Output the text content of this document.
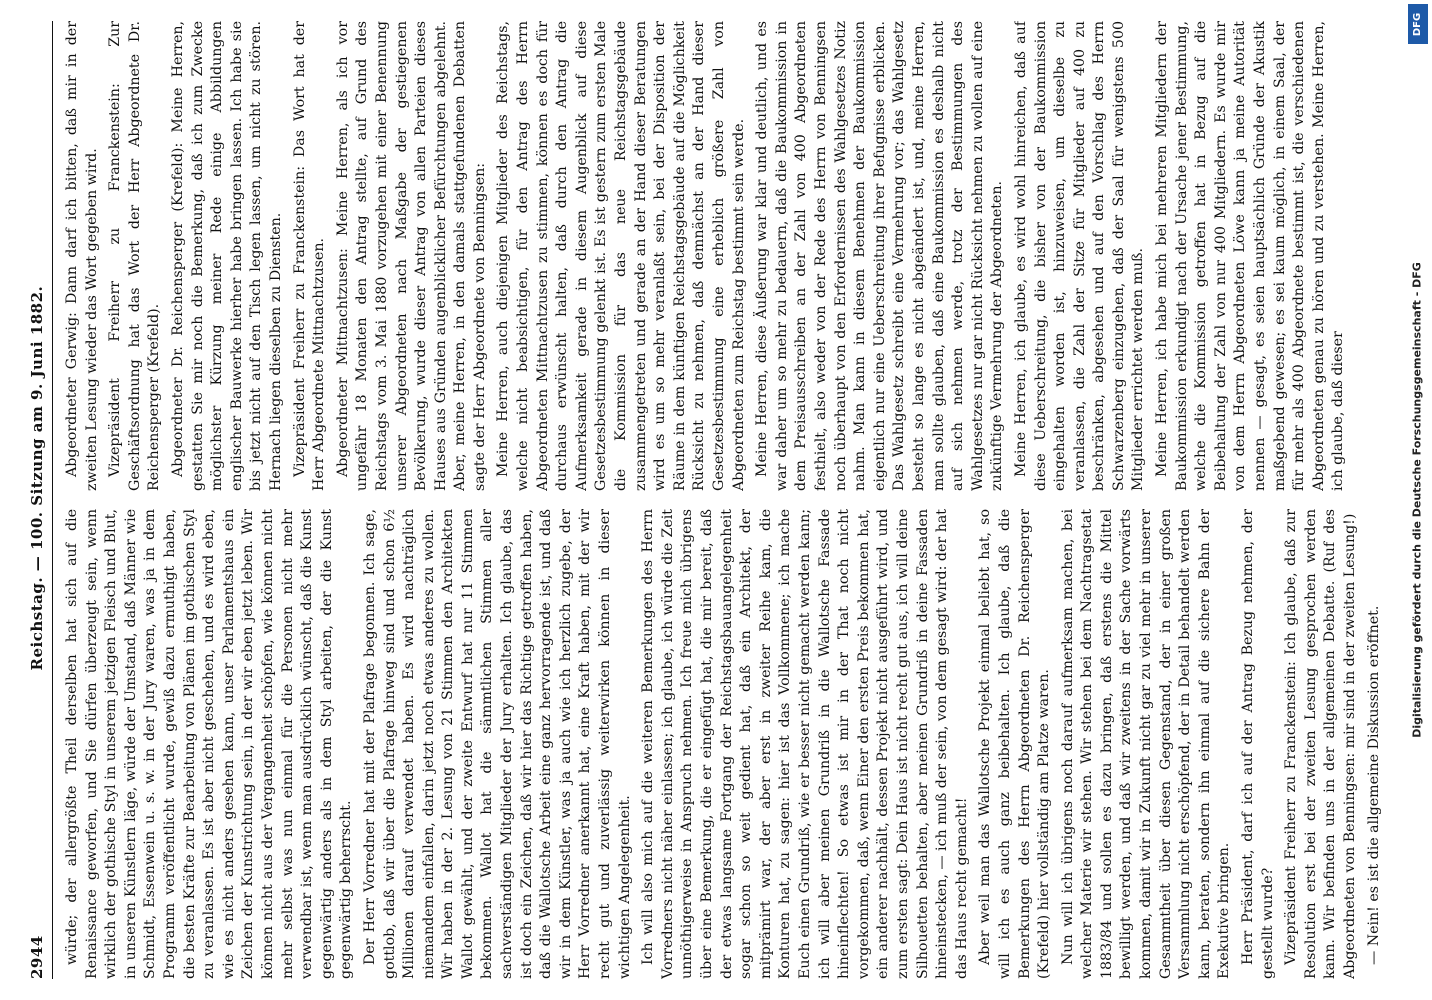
2944
Reichstag. — 100. Sitzung am 9. Juni 1882.

würde; der allergrößte Theil derselben hat sich auf die Renaissance geworfen, und Sie dürfen überzeugt sein, wenn wirklich der gothische Styl in unserem jetzigen Fleisch und Blut, in unseren Künstlern läge, würde der Umstand, daß Männer wie Schmidt, Essenwein u. s. w. in der Jury waren, was ja in dem Programm veröffentlicht wurde, gewiß dazu ermuthigt haben, die besten Kräfte zur Bearbeitung von Plänen im gothischen Styl zu veranlassen. Es ist aber nicht geschehen, und es wird eben, wie es nicht anders gesehen kann, unser Parlamentshaus ein Zeichen der Kunstrichtung sein, in der wir eben jetzt leben. Wir können nicht aus der Vergangenheit schöpfen, wie können nicht mehr selbst was nun einmal für die Personen nicht mehr verwendbar ist, wenn man ausdrücklich wünscht, daß die Kunst gegenwärtig anders als in dem Styl arbeiten, der die Kunst gegenwärtig beherrscht. Der Herr Vorredner hat mit der Plafrage begonnen. Ich sage, gottlob, daß wir über die Plafrage hinweg sind und schon 6½ Millionen darauf verwendet haben. Es wird nachträglich niemandem einfallen, darin jetzt noch etwas anderes zu wollen. Wir haben in der 2. Lesung von 21 Stimmen den Architekten Wallot gewählt, und der zweite Entwurf hat nur 11 Stimmen bekommen. Wallot hat die sämmtlichen Stimmen aller sachverständigen Mitglieder der Jury erhalten. Ich glaube, das ist doch ein Zeichen, daß wir hier das Richtige getroffen haben, daß die Wallotsche Arbeit eine ganz hervorragende ist, und daß wir in dem Künstler, was ja auch wie ich herzlich zugebe, der Herr Vorredner anerkannt hat, eine Kraft haben, mit der wir recht gut und zuverlässig weiterwirken können in dieser wichtigen Angelegenheit. Ich will also mich auf die weiteren Bemerkungen des Herrn Vorredners nicht näher einlassen; ich glaube, ich würde die Zeit unnöthigerweise in Anspruch nehmen. Ich freue mich übrigens über eine Bemerkung, die er eingefügt hat, die mir bereit, daß der etwas langsame Fortgang der Reichstagsbauangelegenheit sogar schon so weit gedient hat, daß ein Architekt, der mitprämirt war, der aber erst in zweiter Reihe kam, die Konturen hat, zu sagen: hier ist das Vollkommene; ich mache Euch einen Grundriß, wie er besser nicht gemacht werden kann; ich will aber meinen Grundriß in die Wallotsche Fassade hineinflechten! So etwas ist mir in der That noch nicht vorgekommen, daß, wenn Einer den ersten Preis bekommen hat, ein anderer nachhält, dessen Projekt nicht ausgeführt wird, und zum ersten sagt: Dein Haus ist nicht recht gut aus, ich will deine Silhouetten behalten, aber meinen Grundriß in deine Fassaden hineinstecken, — ich muß der sein, von dem gesagt wird: der hat das Haus recht gemacht! Aber weil man das Wallotsche Projekt einmal beliebt hat, so will ich es auch ganz beibehalten. Ich glaube, daß die Bemerkungen des Herrn Abgeordneten Dr. Reichensperger (Krefeld) hier vollständig am Platze waren. Nun will ich übrigens noch darauf aufmerksam machen, bei welcher Materie wir stehen. Wir stehen bei dem Nachtragsetat 1883/84 und sollen es dazu bringen, daß erstens die Mittel bewilligt werden, und daß wir zweitens in der Sache vorwärts kommen, damit wir in Zukunft nicht gar zu viel mehr in unserer Gesammtheit über diesen Gegenstand, der in einer großen Versammlung nicht erschöpfend, der in Detail behandelt werden kann, beraten, sondern ihn einmal auf die sichere Bahn der Exekutive bringen. Herr Präsident, darf ich auf der Antrag Bezug nehmen, der gestellt wurde? Vizepräsident Freiherr zu Franckenstein: Ich glaube, daß zur Resolution erst bei der zweiten Lesung gesprochen werden kann. Wir befinden uns in der allgemeinen Debatte. (Ruf des Abgeordneten von Benningsen: mir sind in der zweiten Lesung!) — Nein! es ist die allgemeine Diskussion eröffnet.

Abgeordneter Gerwig: Dann darf ich bitten, daß mir in der zweiten Lesung wieder das Wort gegeben wird. Vizepräsident Freiherr zu Franckenstein: Zur Geschäftsordnung hat das Wort der Herr Abgeordnete Dr. Reichensperger (Krefeld). Abgeordneter Dr. Reichensperger (Krefeld): Meine Herren, gestatten Sie mir noch die Bemerkung, daß ich zum Zwecke möglichster Kürzung meiner Rede einige Abbildungen englischer Bauwerke hierher habe bringen lassen. Ich habe sie bis jetzt nicht auf den Tisch legen lassen, um nicht zu stören. Hernach liegen dieselben zu Diensten. Vizepräsident Freiherr zu Franckenstein: Das Wort hat der Herr Abgeordnete Mittnachtzusen. Abgeordneter Mittnachtzusen: Meine Herren, als ich vor ungefähr 18 Monaten den Antrag stellte, auf Grund des Reichstags vom 3. Mai 1880 vorzugehen mit einer Benennung unserer Abgeordneten nach Maßgabe der gestiegenen Bevölkerung, wurde dieser Antrag von allen Parteien dieses Hauses aus Gründen augenblicklicher Befürchtungen abgelehnt. Aber, meine Herren, in den damals stattgefundenen Debatten sagte der Herr Abgeordnete von Benningsen: Meine Herren, auch diejenigen Mitglieder des Reichstags, welche nicht beabsichtigen, für den Antrag des Herrn Abgeordneten Mittnachtzusen zu stimmen, können es doch für durchaus erwünscht halten, daß durch den Antrag die Aufmerksamkeit gerade in diesem Augenblick auf diese Gesetzesbestimmung gelenkt ist. Es ist gestern zum ersten Male die Kommission für das neue Reichstagsgebäude zusammengetreten und gerade an der Hand dieser Beratungen wird es um so mehr veranlaßt sein, bei der Disposition der Räume in dem künftigen Reichstagsgebäude auf die Möglichkeit Rücksicht zu nehmen, daß demnächst an der Hand dieser Gesetzesbestimmung eine erheblich größere Zahl von Abgeordneten zum Reichstag bestimmt sein werde. Meine Herren, diese Äußerung war klar und deutlich, und es war daher um so mehr zu bedauern, daß die Baukommission in dem Preisausschreiben an der Zahl von 400 Abgeordneten festhielt, also weder von der Rede des Herrn von Benningsen noch überhaupt von den Erfordernissen des Wahlgesetzes Notiz nahm. Man kann in diesem Benehmen der Baukommission eigentlich nur eine Ueberschreitung ihrer Befugnisse erblicken. Das Wahlgesetz schreibt eine Vermehrung vor; das Wahlgesetz besteht so lange es nicht abgeändert ist, und, meine Herren, man sollte glauben, daß eine Baukommission es deshalb nicht auf sich nehmen werde, trotz der Bestimmungen des Wahlgesetzes nur gar nicht Rücksicht nehmen zu wollen auf eine zukünftige Vermehrung der Abgeordneten. Meine Herren, ich glaube, es wird wohl hinreichen, daß auf diese Ueberschreitung, die bisher von der Baukommission eingehalten worden ist, hinzuweisen, um dieselbe zu veranlassen, die Zahl der Sitze für Mitglieder auf 400 zu beschränken, abgesehen und auf den Vorschlag des Herrn Schwarzenberg einzugehen, daß der Saal für wenigstens 500 Mitglieder errichtet werden muß. Meine Herren, ich habe mich bei mehreren Mitgliedern der Baukommission erkundigt nach der Ursache jener Bestimmung, welche die Kommission getroffen hat in Bezug auf die Beibehaltung der Zahl von nur 400 Mitgliedern. Es wurde mir von dem Herrn Abgeordneten Löwe kann ja meine Autorität nennen — gesagt, es seien hauptsächlich Gründe der Akustik maßgebend gewesen; es sei kaum möglich, in einem Saal, der für mehr als 400 Abgeordnete bestimmt ist, die verschiedenen Abgeordneten genau zu hören und zu verstehen. Meine Herren, ich glaube, daß dieser

DFG
Digitalisierung gefördert durch die Deutsche Forschungsgemeinschaft - DFG
